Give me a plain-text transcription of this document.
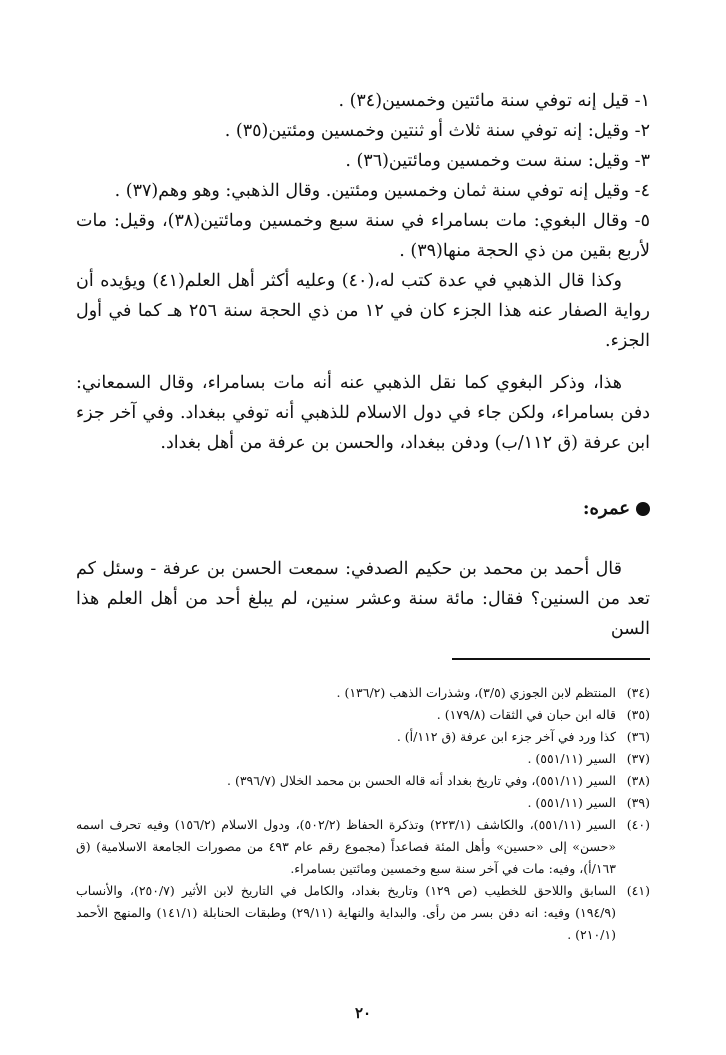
١- قيل إنه توفي سنة مائتين وخمسين(٣٤) .

٢- وقيل: إنه توفي سنة ثلاث أو ثنتين وخمسين ومئتين(٣٥) .

٣- وقيل: سنة ست وخمسين ومائتين(٣٦) .

٤- وقيل إنه توفي سنة ثمان وخمسين ومئتين. وقال الذهبي: وهو وهم(٣٧) .

٥- وقال البغوي: مات بسامراء في سنة سبع وخمسين ومائتين(٣٨)، وقيل: مات لأربع بقين من ذي الحجة منها(٣٩) .

وكذا قال الذهبي في عدة كتب له،(٤٠) وعليه أكثر أهل العلم(٤١) ويؤيده أن رواية الصفار عنه هذا الجزء كان في ١٢ من ذي الحجة سنة ٢٥٦ هـ كما في أول الجزء.

هذا، وذكر البغوي كما نقل الذهبي عنه أنه مات بسامراء، وقال السمعاني: دفن بسامراء، ولكن جاء في دول الاسلام للذهبي أنه توفي ببغداد. وفي آخر جزء ابن عرفة (ق ١١٢/ب) ودفن ببغداد، والحسن بن عرفة من أهل بغداد.

عمره:

قال أحمد بن محمد بن حكيم الصدفي: سمعت الحسن بن عرفة - وسئل كم تعد من السنين؟ فقال: مائة سنة وعشر سنين، لم يبلغ أحد من أهل العلم هذا السن

(٣٤)
المنتظم لابن الجوزي (٣/٥)، وشذرات الذهب (١٣٦/٢) .
(٣٥)
قاله ابن حبان في الثقات (١٧٩/٨) .
(٣٦)
كذا ورد في آخر جزء ابن عرفة (ق ١١٢/أ) .
(٣٧)
السير (٥٥١/١١) .
(٣٨)
السير (٥٥١/١١)، وفي تاريخ بغداد أنه قاله الحسن بن محمد الخلال (٣٩٦/٧) .
(٣٩)
السير (٥٥١/١١) .
(٤٠)
السير (٥٥١/١١)، والكاشف (٢٢٣/١) وتذكرة الحفاظ (٥٠٢/٢)، ودول الاسلام (١٥٦/٢) وفيه تحرف اسمه «حسن» إلى «حسين» وأهل المئة فصاعداً (مجموع رقم عام ٤٩٣ من مصورات الجامعة الاسلامية) (ق ١٦٣/أ)، وفيه: مات في آخر سنة سبع وخمسين ومائتين بسامراء.
(٤١)
السابق واللاحق للخطيب (ص ١٢٩) وتاريخ بغداد، والكامل في التاريخ لابن الأثير (٢٥٠/٧)، والأنساب (١٩٤/٩) وفيه: انه دفن بسر من رأى. والبداية والنهاية (٢٩/١١) وطبقات الحنابلة (١٤١/١) والمنهج الأحمد (٢١٠/١) .
٢٠
